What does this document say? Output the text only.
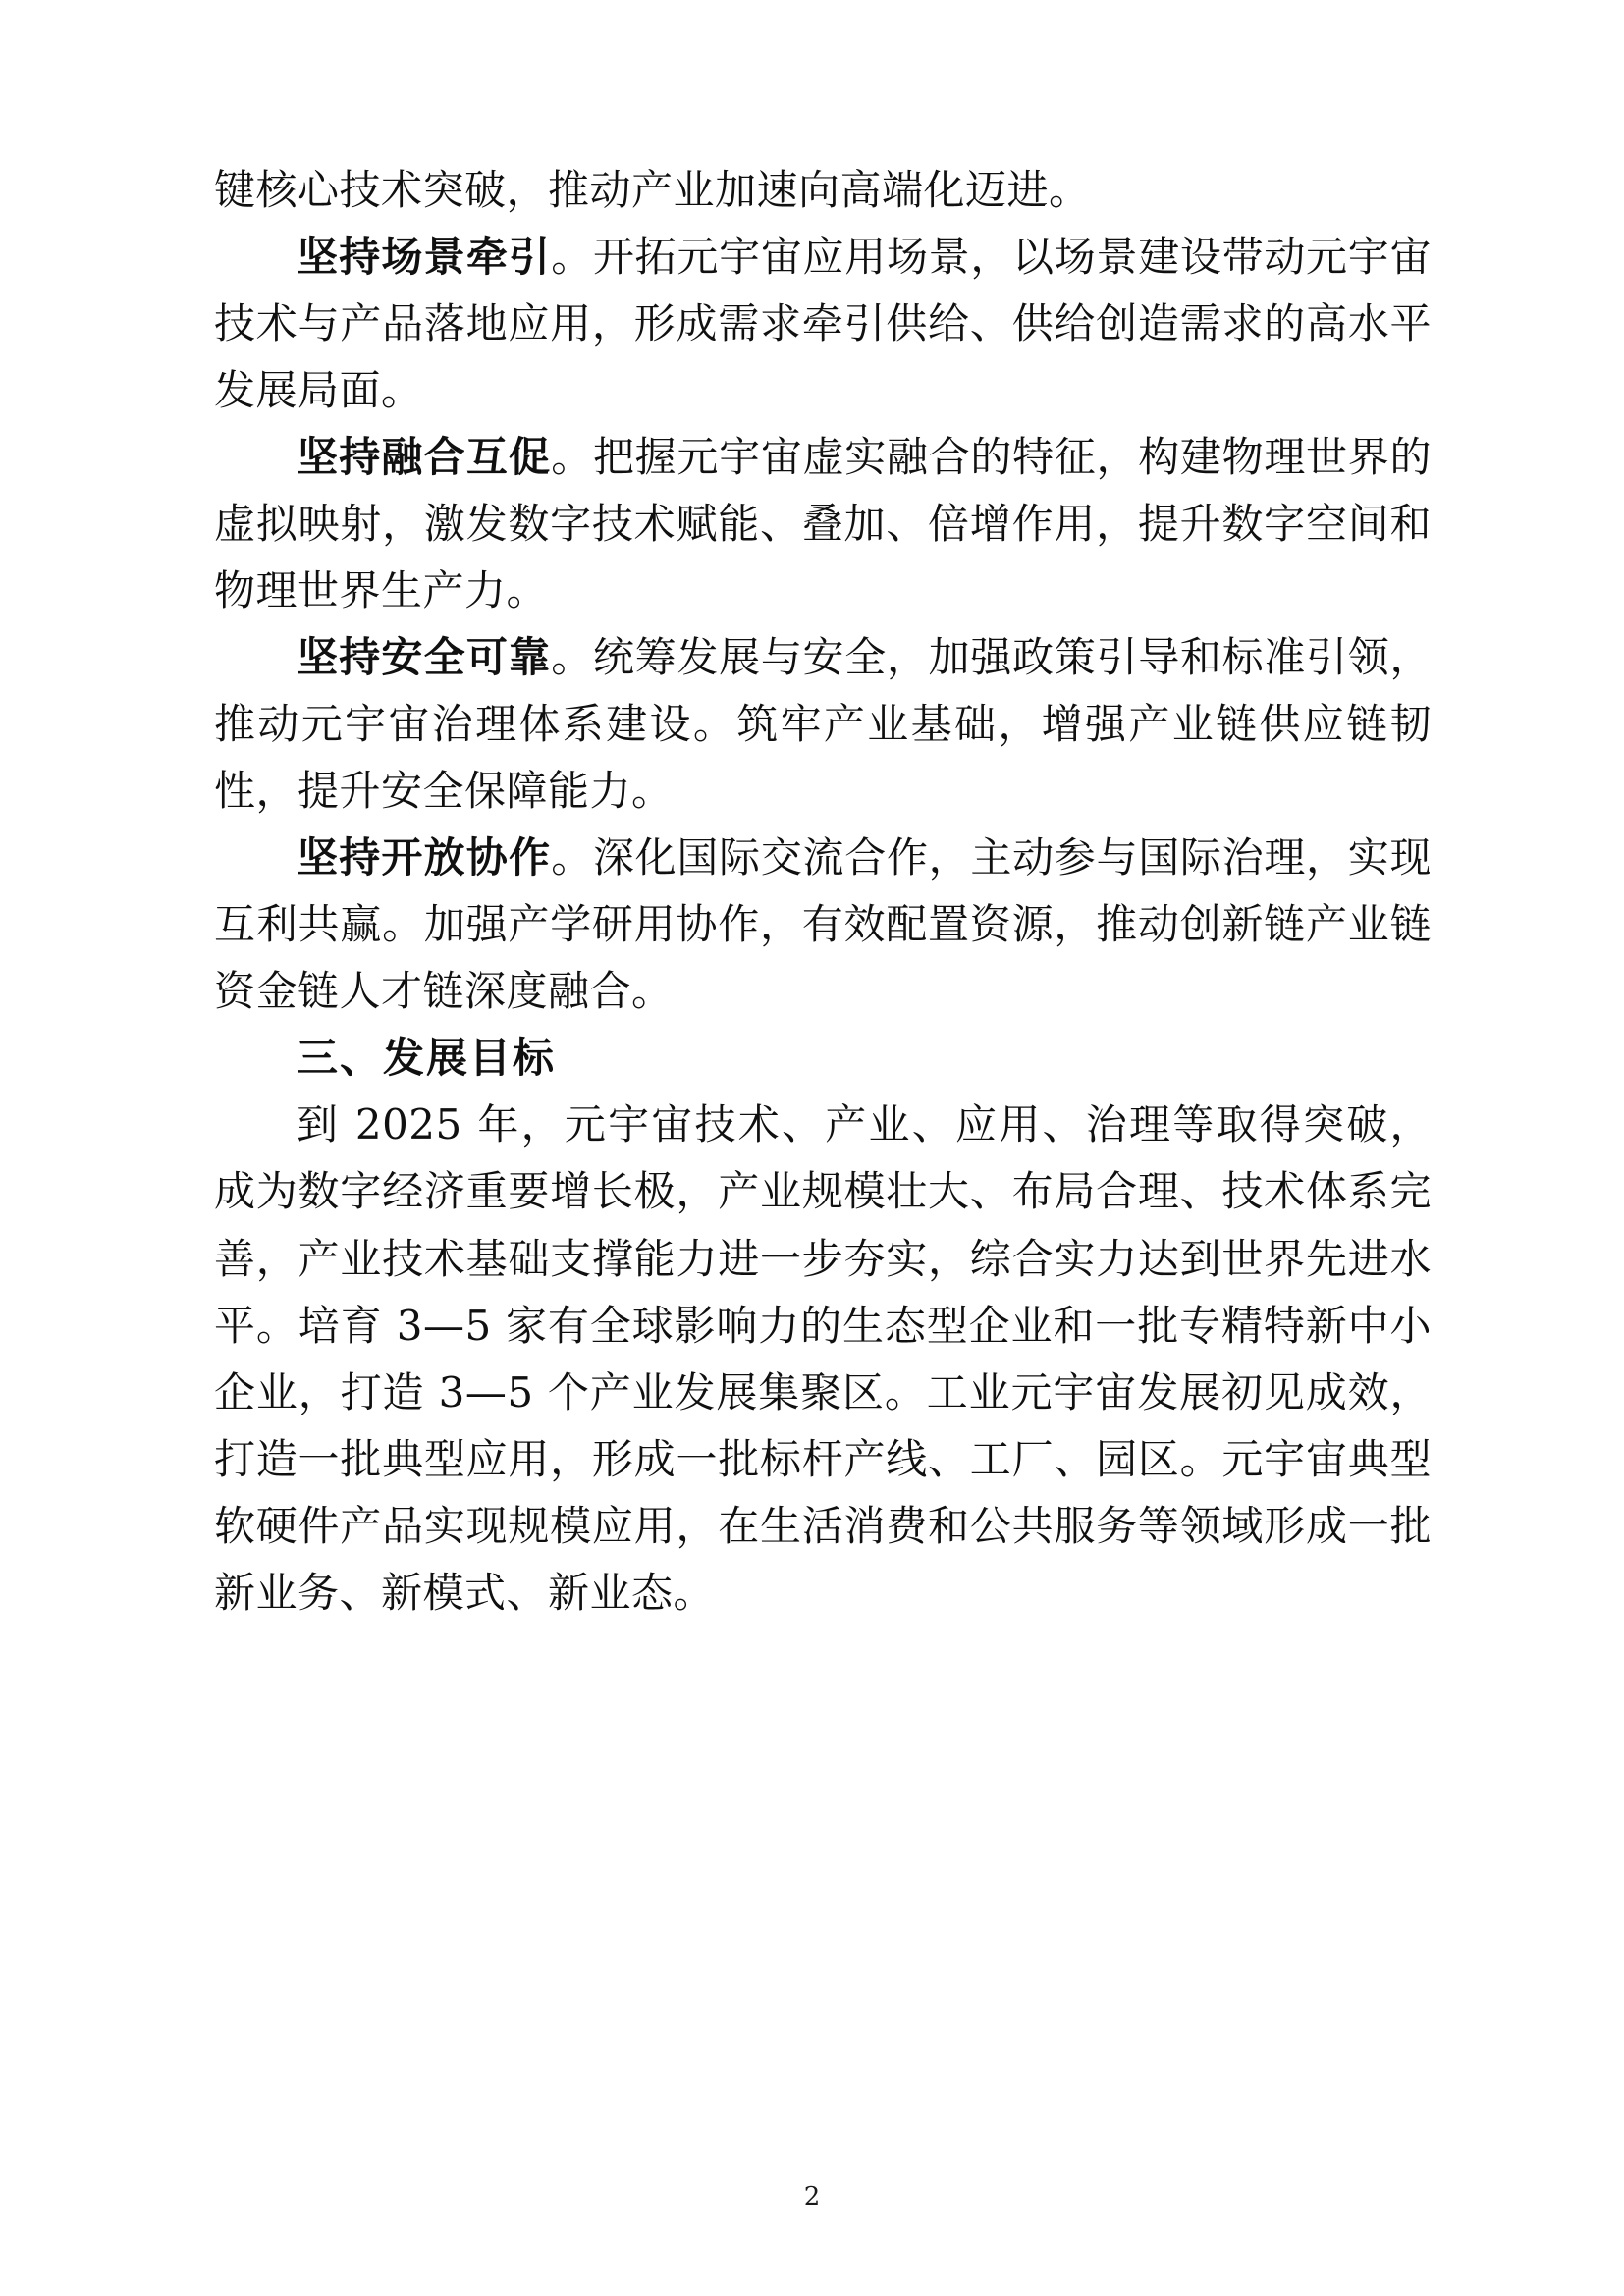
键核心技术突破，推动产业加速向高端化迈进。

坚持场景牵引。开拓元宇宙应用场景，以场景建设带动元宇宙技术与产品落地应用，形成需求牵引供给、供给创造需求的高水平发展局面。

坚持融合互促。把握元宇宙虚实融合的特征，构建物理世界的虚拟映射，激发数字技术赋能、叠加、倍增作用，提升数字空间和物理世界生产力。

坚持安全可靠。统筹发展与安全，加强政策引导和标准引领，推动元宇宙治理体系建设。筑牢产业基础，增强产业链供应链韧性，提升安全保障能力。

坚持开放协作。深化国际交流合作，主动参与国际治理，实现互利共赢。加强产学研用协作，有效配置资源，推动创新链产业链资金链人才链深度融合。

三、发展目标

到 2025 年，元宇宙技术、产业、应用、治理等取得突破，成为数字经济重要增长极，产业规模壮大、布局合理、技术体系完善，产业技术基础支撑能力进一步夯实，综合实力达到世界先进水平。培育 3—5 家有全球影响力的生态型企业和一批专精特新中小企业，打造 3—5 个产业发展集聚区。工业元宇宙发展初见成效，打造一批典型应用，形成一批标杆产线、工厂、园区。元宇宙典型软硬件产品实现规模应用，在生活消费和公共服务等领域形成一批新业务、新模式、新业态。

2
